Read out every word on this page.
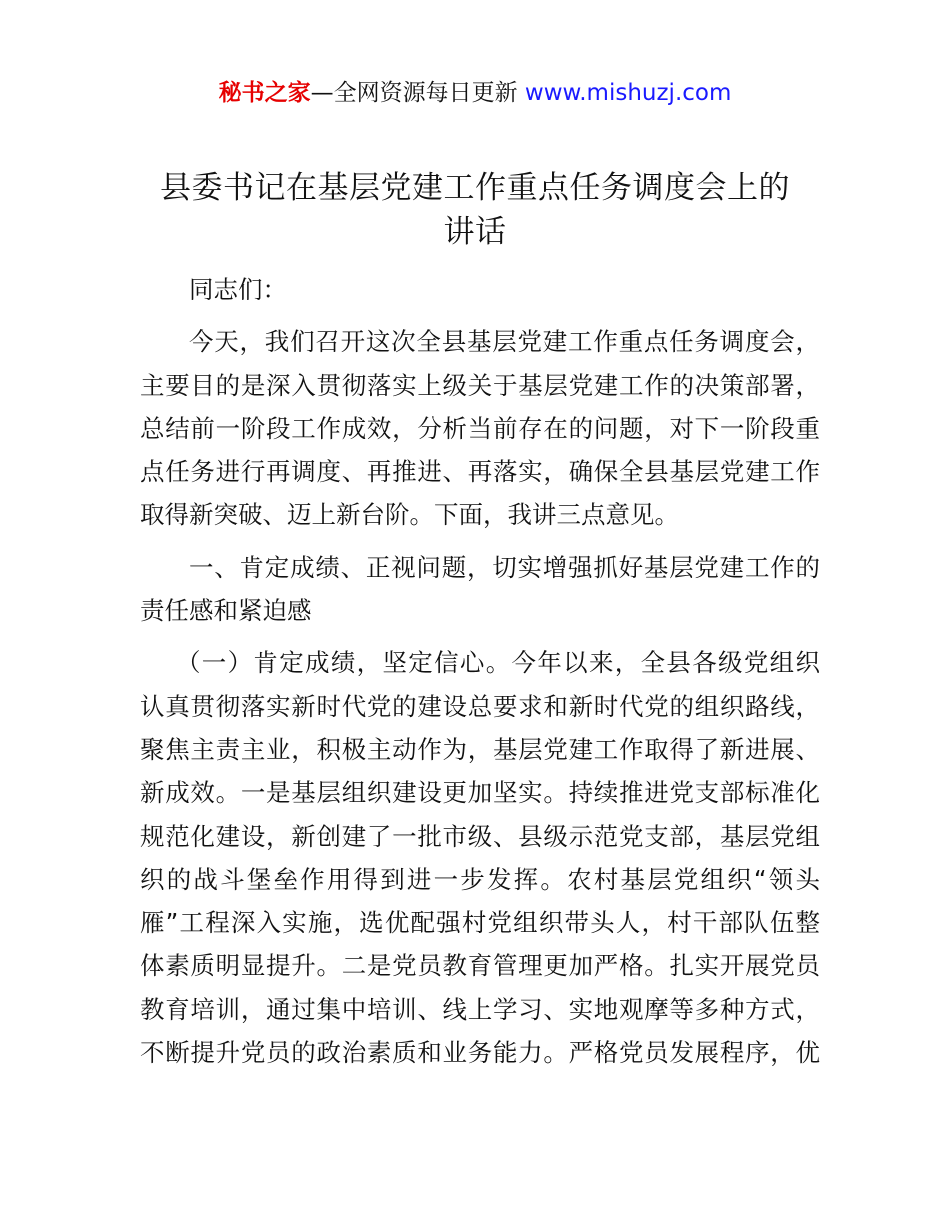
秘书之家—全网资源每日更新 www.mishuzj.com
县委书记在基层党建工作重点任务调度会上的
讲话
同志们：
今天，我们召开这次全县基层党建工作重点任务调度会，
主要目的是深入贯彻落实上级关于基层党建工作的决策部署，
总结前一阶段工作成效，分析当前存在的问题，对下一阶段重
点任务进行再调度、再推进、再落实，确保全县基层党建工作
取得新突破、迈上新台阶。下面，我讲三点意见。
一、肯定成绩、正视问题，切实增强抓好基层党建工作的
责任感和紧迫感
（一）肯定成绩，坚定信心。今年以来，全县各级党组织
认真贯彻落实新时代党的建设总要求和新时代党的组织路线，
聚焦主责主业，积极主动作为，基层党建工作取得了新进展、
新成效。一是基层组织建设更加坚实。持续推进党支部标准化
规范化建设，新创建了一批市级、县级示范党支部，基层党组
织的战斗堡垒作用得到进一步发挥。农村基层党组织“领头
雁”工程深入实施，选优配强村党组织带头人，村干部队伍整
体素质明显提升。二是党员教育管理更加严格。扎实开展党员
教育培训，通过集中培训、线上学习、实地观摩等多种方式，
不断提升党员的政治素质和业务能力。严格党员发展程序，优
